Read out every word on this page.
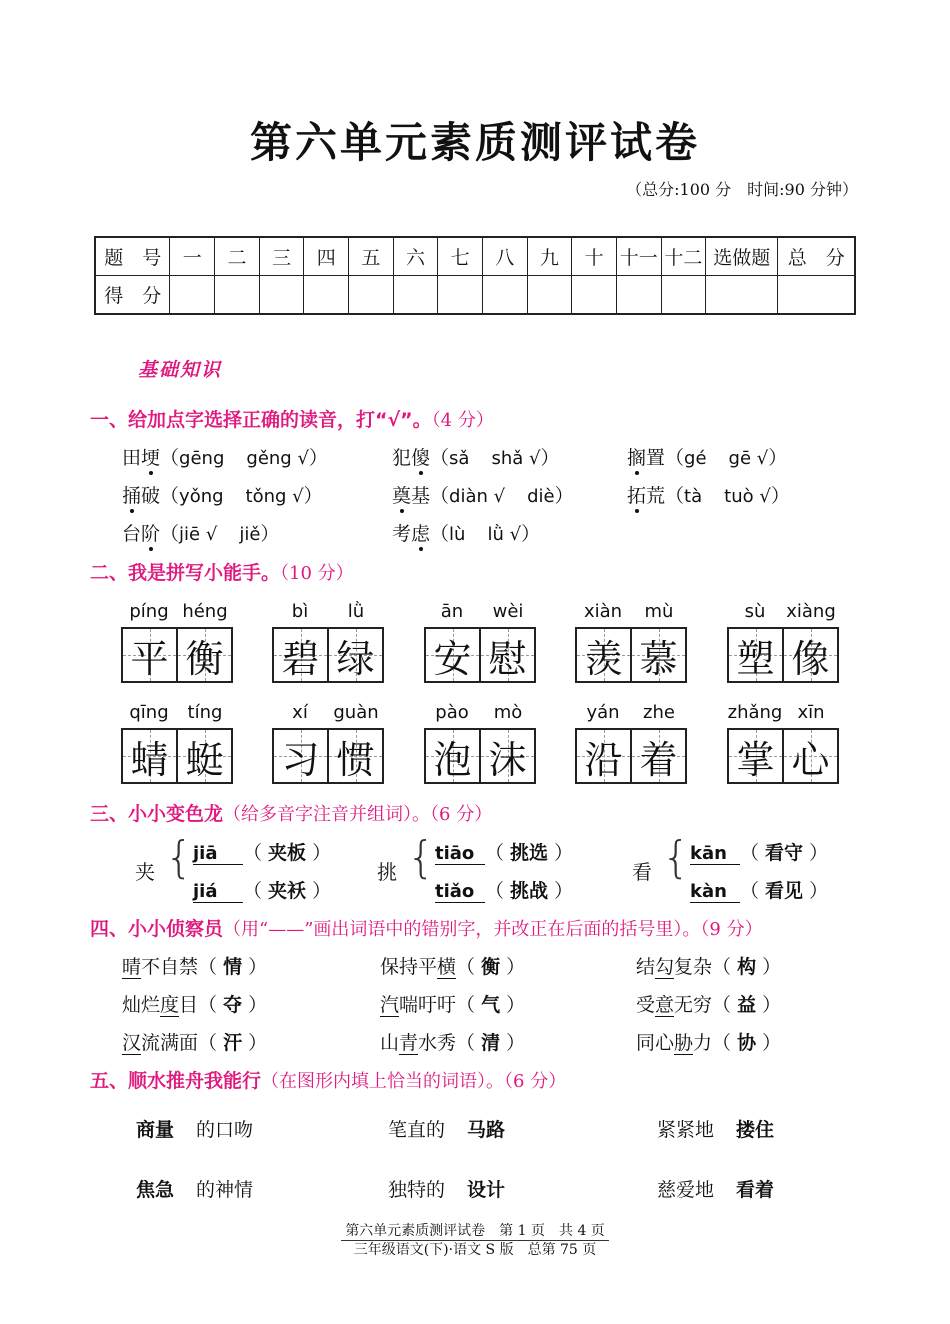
第六单元素质测评试卷
（总分:100 分　时间:90 分钟）
题　号	一	二	三	四	五	六	七	八	九	十	十一	十二	选做题	总　分
得　分														
基础知识
一、给加点字选择正确的读音，打“√”。（4 分）
田埂（gēng gěng √）	犯傻（sǎ shǎ √）	搁置（gé gē √）
捅破（yǒng tǒng √）	奠基（diàn √ diè）	拓荒（tà tuò √）
台阶（jiē √ jiě）	考虑（lù lǜ √）
二、我是拼写小能手。（10 分）
píng héng
平 衡
bì	lǜ
碧 绿
ān	wèi
安 慰
xiàn	mù
羡 慕
sù	xiàng
塑 像
qīng	tíng
蜻 蜓
xí	guàn
习 惯
pào	mò
泡 沫
yán	zhe
沿 着
zhǎng xīn
掌 心
三、小小变色龙（给多音字注音并组词）。（6 分）
夹 { jiā （ 夹板 ）
jiá （ 夹袄 ）
挑 { tiāo （ 挑选 ）
tiǎo （ 挑战 ）
看 { kān （ 看守 ）
kàn （ 看见 ）
四、小小侦察员（用“——”画出词语中的错别字，并改正在后面的括号里）。（9 分）
晴不自禁（ 情 ）	保持平横（ 衡 ）	结勾复杂（ 构 ）
灿烂度目（ 夺 ）	汽喘吁吁（ 气 ）	受意无穷（ 益 ）
汉流满面（ 汗 ）	山青水秀（ 清 ）	同心胁力（ 协 ）
五、顺水推舟我能行（在图形内填上恰当的词语）。（6 分）
商量 的口吻	笔直的 马路	紧紧地 搂住
焦急 的神情	独特的 设计	慈爱地 看着
第六单元素质测评试卷　第 1 页　共 4 页
三年级语文(下)·语文 S 版　总第 75 页
